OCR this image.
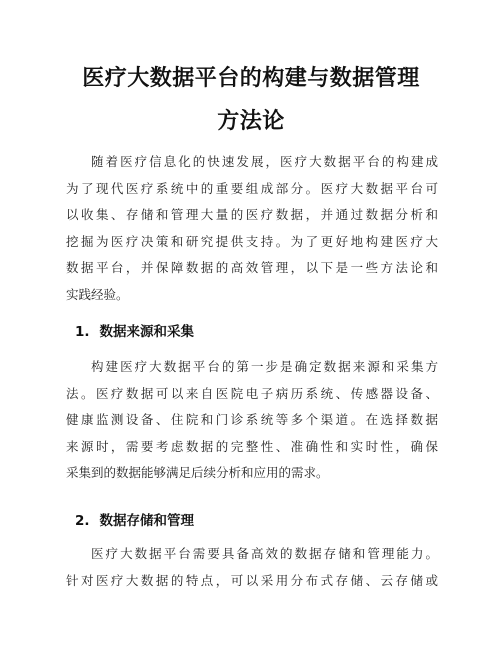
医疗大数据平台的构建与数据管理
方法论
随着医疗信息化的快速发展，医疗大数据平台的构建成
为了现代医疗系统中的重要组成部分。医疗大数据平台可
以收集、存储和管理大量的医疗数据，并通过数据分析和
挖掘为医疗决策和研究提供支持。为了更好地构建医疗大
数据平台，并保障数据的高效管理，以下是一些方法论和
实践经验。
1. 数据来源和采集
构建医疗大数据平台的第一步是确定数据来源和采集方
法。医疗数据可以来自医院电子病历系统、传感器设备、
健康监测设备、住院和门诊系统等多个渠道。在选择数据
来源时，需要考虑数据的完整性、准确性和实时性，确保
采集到的数据能够满足后续分析和应用的需求。
2. 数据存储和管理
医疗大数据平台需要具备高效的数据存储和管理能力。
针对医疗大数据的特点，可以采用分布式存储、云存储或
